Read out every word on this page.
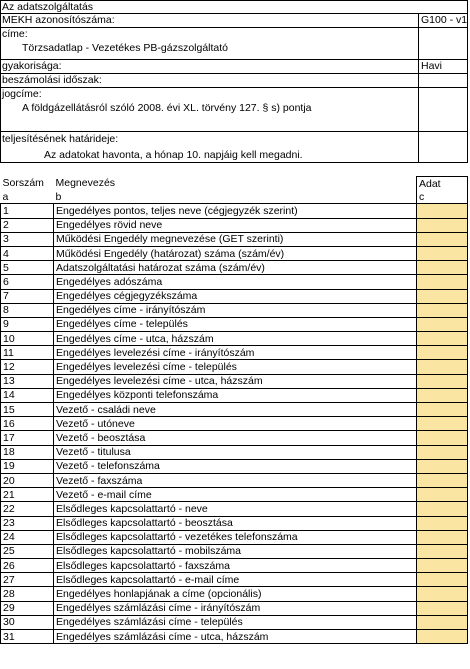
Az adatszolgáltatás
MEKH azonosítószáma:	G100 - v1
címe:
Törzsadatlap - Vezetékes PB-gázszolgáltató
gyakorisága:	Havi
beszámolási időszak:
jogcíme:
A földgázellátásról szóló 2008. évi XL. törvény 127. § s) pontja
teljesítésének határideje:
Az adatokat havonta, a hónap 10. napjáig kell megadni.
Sorszám	Megnevezés	Adat
a	b	c
1	Engedélyes pontos, teljes neve (cégjegyzék szerint)	
2	Engedélyes rövid neve	
3	Működési Engedély megnevezése (GET szerinti)	
4	Működési Engedély (határozat) száma (szám/év)	
5	Adatszolgáltatási határozat száma (szám/év)	
6	Engedélyes adószáma	
7	Engedélyes cégjegyzékszáma	
8	Engedélyes címe - irányítószám	
9	Engedélyes címe - település	
10	Engedélyes címe - utca, házszám	
11	Engedélyes levelezési címe - irányítószám	
12	Engedélyes levelezési címe - település	
13	Engedélyes levelezési címe - utca, házszám	
14	Engedélyes központi telefonszáma	
15	Vezető - családi neve	
16	Vezető - utóneve	
17	Vezető - beosztása	
18	Vezető - titulusa	
19	Vezető - telefonszáma	
20	Vezető - faxszáma	
21	Vezető - e-mail címe	
22	Elsődleges kapcsolattartó - neve	
23	Elsődleges kapcsolattartó - beosztása	
24	Elsődleges kapcsolattartó - vezetékes telefonszáma	
25	Elsődleges kapcsolattartó - mobilszáma	
26	Elsődleges kapcsolattartó - faxszáma	
27	Elsődleges kapcsolattartó - e-mail címe	
28	Engedélyes honlapjának a címe (opcionális)	
29	Engedélyes számlázási címe - irányítószám	
30	Engedélyes számlázási címe - település	
31	Engedélyes számlázási címe - utca, házszám	
